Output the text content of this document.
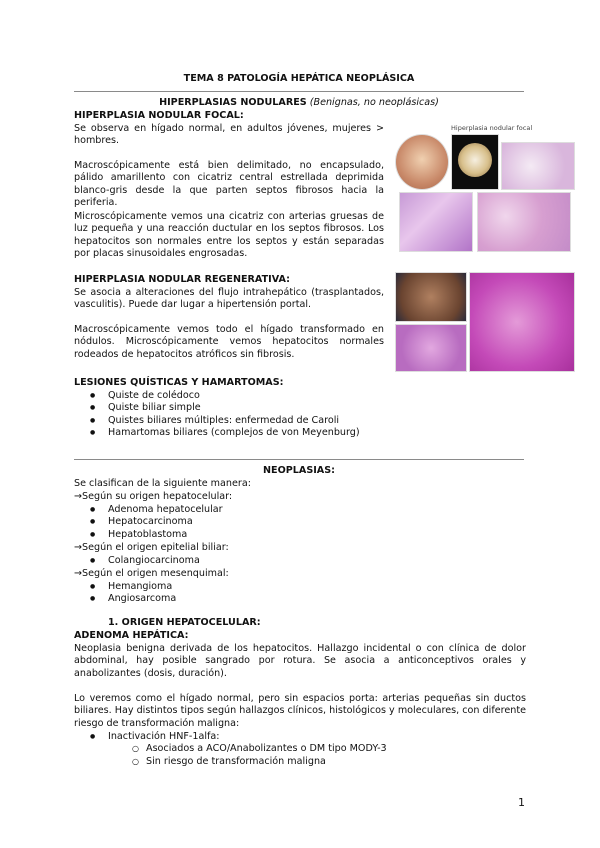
TEMA 8 PATOLOGÍA HEPÁTICA NEOPLÁSICA
HIPERPLASIAS NODULARES (Benignas, no neoplásicas)
HIPERPLASIA NODULAR FOCAL:
Se observa en hígado normal, en adultos jóvenes, mujeres > hombres.
Macroscópicamente está bien delimitado, no encapsulado, pálido amarillento con cicatriz central estrellada deprimida blanco-gris desde la que parten septos fibrosos hacia la periferia.
Microscópicamente vemos una cicatriz con arterias gruesas de luz pequeña y una reacción ductular en los septos fibrosos. Los hepatocitos son normales entre los septos y están separadas por placas sinusoidales engrosadas.
Hiperplasia nodular focal
HIPERPLASIA NODULAR REGENERATIVA:
Se asocia a alteraciones del flujo intrahepático (trasplantados, vasculitis). Puede dar lugar a hipertensión portal.
Macroscópicamente vemos todo el hígado transformado en nódulos. Microscópicamente vemos hepatocitos normales rodeados de hepatocitos atróficos sin fibrosis.
LESIONES QUÍSTICAS Y HAMARTOMAS:
● Quiste de colédoco
● Quiste biliar simple
● Quistes biliares múltiples: enfermedad de Caroli
● Hamartomas biliares (complejos de von Meyenburg)
NEOPLASIAS:
Se clasifican de la siguiente manera:
→Según su origen hepatocelular:
● Adenoma hepatocelular
● Hepatocarcinoma
● Hepatoblastoma
→Según el origen epitelial biliar:
● Colangiocarcinoma
→Según el origen mesenquimal:
● Hemangioma
● Angiosarcoma
1. ORIGEN HEPATOCELULAR:
ADENOMA HEPÁTICA:
Neoplasia benigna derivada de los hepatocitos. Hallazgo incidental o con clínica de dolor abdominal, hay posible sangrado por rotura. Se asocia a anticonceptivos orales y anabolizantes (dosis, duración).
Lo veremos como el hígado normal, pero sin espacios porta: arterias pequeñas sin ductos biliares. Hay distintos tipos según hallazgos clínicos, histológicos y moleculares, con diferente riesgo de transformación maligna:
● Inactivación HNF-1alfa:
○ Asociados a ACO/Anabolizantes o DM tipo MODY-3
○ Sin riesgo de transformación maligna
1
